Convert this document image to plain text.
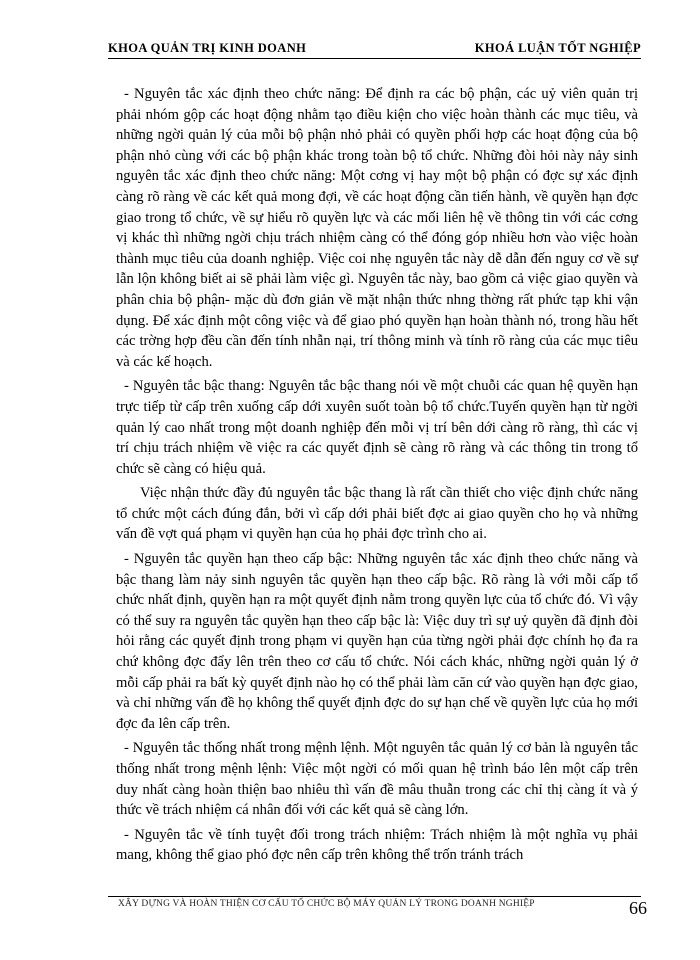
KHOA QUẢN TRỊ KINH DOANH	KHOÁ LUẬN TỐT NGHIỆP

- Nguyên tắc xác định theo chức năng: Để định ra các bộ phận, các uỷ viên quản trị phải nhóm gộp các hoạt động nhằm tạo điều kiện cho việc hoàn thành các mục tiêu, và những ngời quản lý của mỗi bộ phận nhỏ phải có quyền phối hợp các hoạt động của bộ phận nhỏ cùng với các bộ phận khác trong toàn bộ tổ chức. Những đòi hỏi này nảy sinh nguyên tắc xác định theo chức năng: Một cơng vị hay một bộ phận có đợc sự xác định càng rõ ràng về các kết quả mong đợi, về các hoạt động cần tiến hành, về quyền hạn đợc giao trong tổ chức, về sự hiểu rõ quyền lực và các mối liên hệ về thông tin với các cơng vị khác thì những ngời chịu trách nhiệm càng có thể đóng góp nhiều hơn vào việc hoàn thành mục tiêu của doanh nghiệp. Việc coi nhẹ nguyên tắc này dễ dẫn đến nguy cơ về sự lẫn lộn không biết ai sẽ phải làm việc gì. Nguyên tắc này, bao gồm cả việc giao quyền và phân chia bộ phận- mặc dù đơn giản về mặt nhận thức nhng thờng rất phức tạp khi vận dụng. Để xác định một công việc và để giao phó quyền hạn hoàn thành nó, trong hầu hết các trờng hợp đều cần đến tính nhẫn nại, trí thông minh và tính rõ ràng của các mục tiêu và các kế hoạch.

- Nguyên tắc bậc thang: Nguyên tắc bậc thang nói về một chuỗi các quan hệ quyền hạn trực tiếp từ cấp trên xuống cấp dới xuyên suốt toàn bộ tổ chức.Tuyến quyền hạn từ ngời quản lý cao nhất trong một doanh nghiệp đến mỗi vị trí bên dới càng rõ ràng, thì các vị trí chịu trách nhiệm về việc ra các quyết định sẽ càng rõ ràng và các thông tin trong tổ chức sẽ càng có hiệu quả.

Việc nhận thức đầy đủ nguyên tắc bậc thang là rất cần thiết cho việc định chức năng tổ chức một cách đúng đắn, bởi vì cấp dới phải biết đợc ai giao quyền cho họ và những vấn đề vợt quá phạm vi quyền hạn của họ phải đợc trình cho ai.

- Nguyên tắc quyền hạn theo cấp bậc: Những nguyên tắc xác định theo chức năng và bậc thang làm nảy sinh nguyên tắc quyền hạn theo cấp bậc. Rõ ràng là với mỗi cấp tổ chức nhất định, quyền hạn ra một quyết định nằm trong quyền lực của tổ chức đó. Vì vậy có thể suy ra nguyên tắc quyền hạn theo cấp bậc là: Việc duy trì sự uỷ quyền đã định đòi hỏi rằng các quyết định trong phạm vi quyền hạn của từng ngời phải đợc chính họ đa ra chứ không đợc đẩy lên trên theo cơ cấu tổ chức. Nói cách khác, những ngời quản lý ở mỗi cấp phải ra bất kỳ quyết định nào họ có thể phải làm căn cứ vào quyền hạn đợc giao, và chỉ những vấn đề họ không thể quyết định đợc do sự hạn chế về quyền lực của họ mới đợc đa lên cấp trên.

- Nguyên tắc thống nhất trong mệnh lệnh. Một nguyên tắc quản lý cơ bản là nguyên tắc thống nhất trong mệnh lệnh: Việc một ngời có mối quan hệ trình báo lên một cấp trên duy nhất càng hoàn thiện bao nhiêu thì vấn đề mâu thuẫn trong các chỉ thị càng ít và ý thức về trách nhiệm cá nhân đối với các kết quả sẽ càng lớn.

- Nguyên tắc về tính tuyệt đối trong trách nhiệm: Trách nhiệm là một nghĩa vụ phải mang, không thể giao phó đợc nên cấp trên không thể trốn tránh trách

XÂY DỰNG VÀ HOÀN THIỆN CƠ CẤU TỔ CHỨC BỘ MÁY QUẢN LÝ TRONG DOANH NGHIỆP	66
